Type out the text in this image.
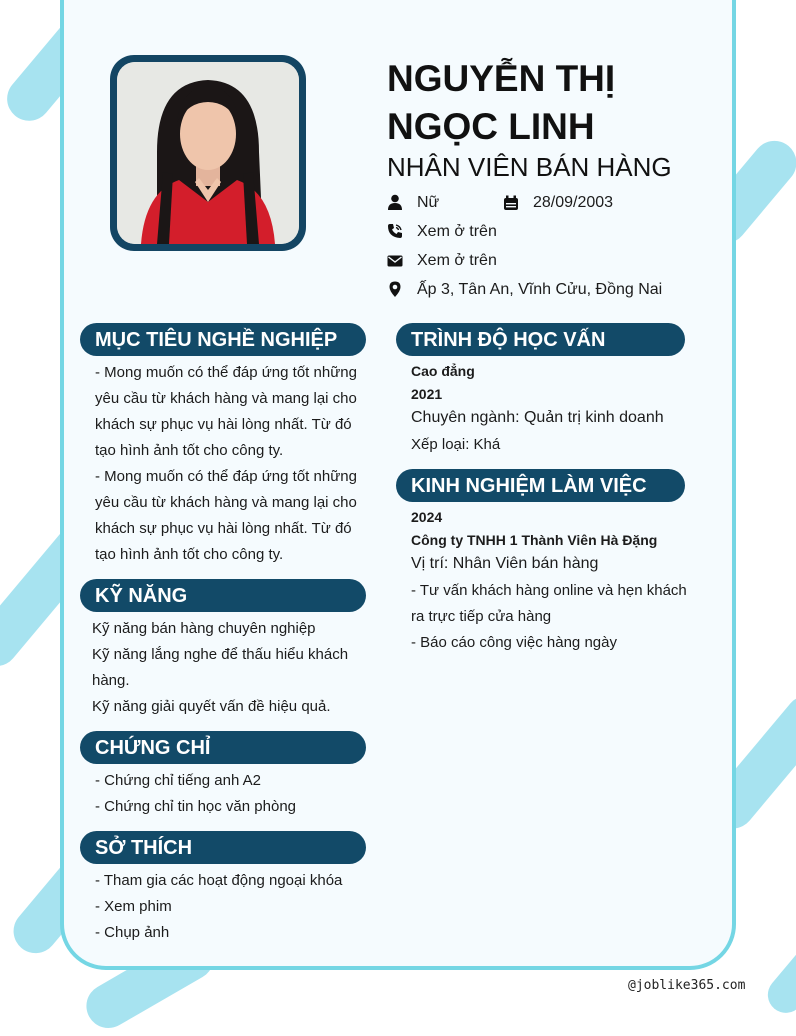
NGUYỄN THỊ NGỌC LINH
NHÂN VIÊN BÁN HÀNG
Nữ	28/09/2003
Xem ở trên
Xem ở trên
Ấp 3, Tân An, Vĩnh Cửu, Đồng Nai
MỤC TIÊU NGHỀ NGHIỆP
- Mong muốn có thể đáp ứng tốt những
yêu cầu từ khách hàng và mang lại cho
khách sự phục vụ hài lòng nhất. Từ đó
tạo hình ảnh tốt cho công ty.
- Mong muốn có thể đáp ứng tốt những
yêu cầu từ khách hàng và mang lại cho
khách sự phục vụ hài lòng nhất. Từ đó
tạo hình ảnh tốt cho công ty.
KỸ NĂNG
Kỹ năng bán hàng chuyên nghiệp
Kỹ năng lắng nghe để thấu hiểu khách
hàng.
Kỹ năng giải quyết vấn đề hiệu quả.
CHỨNG CHỈ
- Chứng chỉ tiếng anh A2
- Chứng chỉ tin học văn phòng
SỞ THÍCH
- Tham gia các hoạt động ngoại khóa
- Xem phim
- Chụp ảnh
TRÌNH ĐỘ HỌC VẤN
Cao đẳng
2021
Chuyên ngành: Quản trị kinh doanh
Xếp loại: Khá
KINH NGHIỆM LÀM VIỆC
2024
Công ty TNHH 1 Thành Viên Hà Đặng
Vị trí: Nhân Viên bán hàng
- Tư vấn khách hàng online và hẹn khách
ra trực tiếp cửa hàng
- Báo cáo công việc hàng ngày
@joblike365.com
